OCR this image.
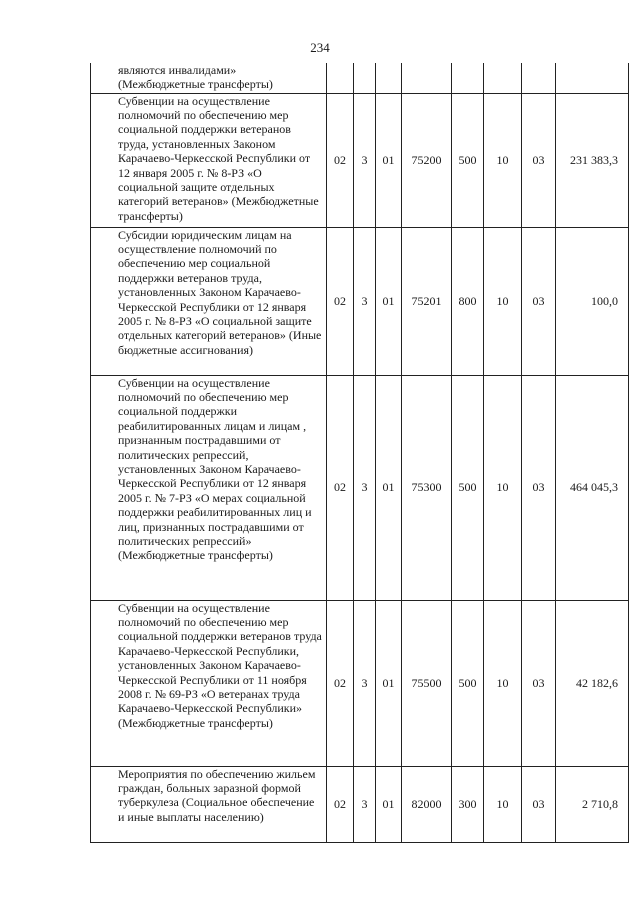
234
являются инвалидами» (Межбюджетные трансферты)								
Субвенции на осуществление полномочий по обеспечению мер социальной поддержки ветеранов труда, установленных Законом Карачаево-Черкесской Республики от 12 января 2005 г. № 8-РЗ «О социальной защите отдельных категорий ветеранов» (Межбюджетные трансферты)	02	3	01	75200	500	10	03	231 383,3
Субсидии юридическим лицам на осуществление полномочий по обеспечению мер социальной поддержки ветеранов труда, установленных Законом Карачаево-Черкесской Республики от 12 января 2005 г. № 8-РЗ «О социальной защите отдельных категорий ветеранов» (Иные бюджетные ассигнования)	02	3	01	75201	800	10	03	100,0
Субвенции на осуществление полномочий по обеспечению мер социальной поддержки реабилитированных лицам и лицам , признанным пострадавшими от политических репрессий, установленных Законом Карачаево-Черкесской Республики от 12 января 2005 г. № 7-РЗ «О мерах социальной поддержки реабилитированных лиц и лиц, признанных пострадавшими от политических репрессий» (Межбюджетные трансферты)	02	3	01	75300	500	10	03	464 045,3
Субвенции на осуществление полномочий по обеспечению мер социальной поддержки ветеранов труда Карачаево-Черкесской Республики, установленных Законом Карачаево-Черкесской Республики от 11 ноября 2008 г. № 69-РЗ «О ветеранах труда Карачаево-Черкесской Республики» (Межбюджетные трансферты)	02	3	01	75500	500	10	03	42 182,6
Мероприятия по обеспечению жильем граждан, больных заразной формой туберкулеза (Социальное обеспечение и иные выплаты населению)	02	3	01	82000	300	10	03	2 710,8
